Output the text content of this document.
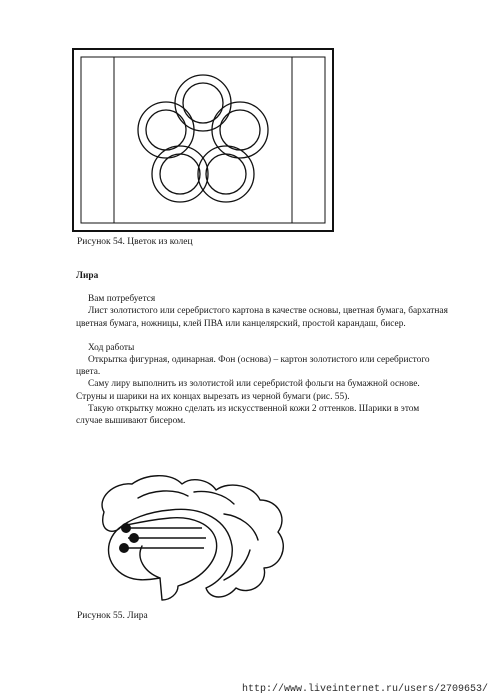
Рисунок 54. Цветок из колец

Лира

Вам потребуется

Лист золотистого или серебристого картона в качестве основы, цветная бумага, бархатная цветная бумага, ножницы, клей ПВА или канцелярский, простой карандаш, бисер.

Ход работы

Открытка фигурная, одинарная. Фон (основа) – картон золотистого или серебристого цвета.

Саму лиру выполнить из золотистой или серебристой фольги на бумажной основе. Струны и шарики на их концах вырезать из черной бумаги (рис. 55).

Такую открытку можно сделать из искусственной кожи 2 оттенков. Шарики в этом случае вышивают бисером.

Рисунок 55. Лира
http://www.liveinternet.ru/users/2709653/
